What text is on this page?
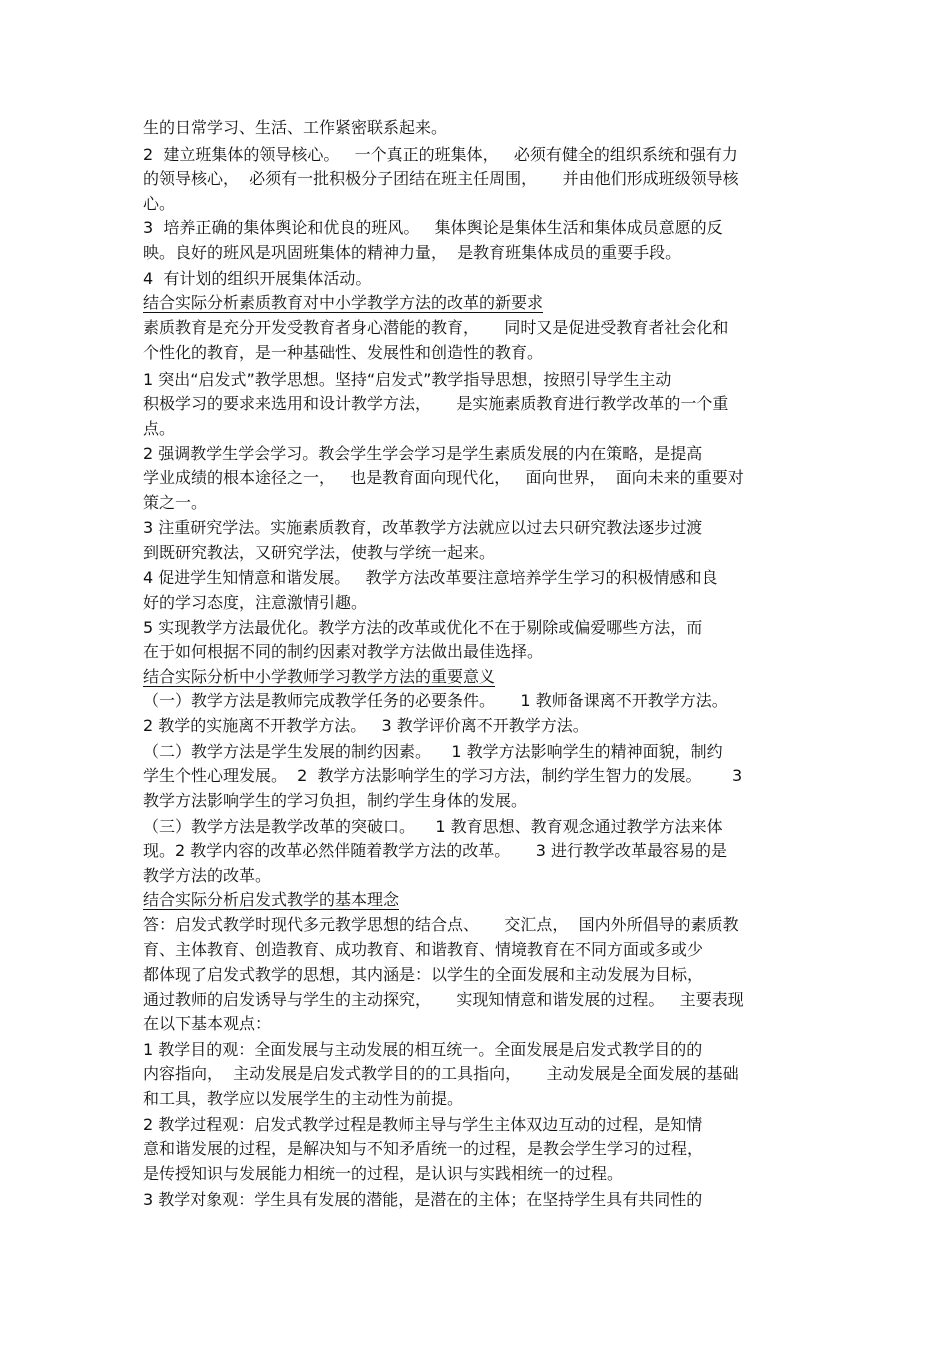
生的日常学习、生活、工作紧密联系起来。
2  建立班集体的领导核心。   一个真正的班集体，   必须有健全的组织系统和强有力
的领导核心，  必须有一批积极分子团结在班主任周围，     并由他们形成班级领导核
心。
3  培养正确的集体舆论和优良的班风。   集体舆论是集体生活和集体成员意愿的反
映。良好的班风是巩固班集体的精神力量，  是教育班集体成员的重要手段。
4  有计划的组织开展集体活动。
结合实际分析素质教育对中小学教学方法的改革的新要求
素质教育是充分开发受教育者身心潜能的教育，     同时又是促进受教育者社会化和
个性化的教育，是一种基础性、发展性和创造性的教育。
1 突出“启发式”教学思想。坚持“启发式”教学指导思想，按照引导学生主动
积极学习的要求来选用和设计教学方法，     是实施素质教育进行教学改革的一个重
点。
2 强调教学生学会学习。教会学生学会学习是学生素质发展的内在策略，是提高
学业成绩的根本途径之一，   也是教育面向现代化，   面向世界，  面向未来的重要对
策之一。
3 注重研究学法。实施素质教育，改革教学方法就应以过去只研究教法逐步过渡
到既研究教法，又研究学法，使教与学统一起来。
4 促进学生知情意和谐发展。   教学方法改革要注意培养学生学习的积极情感和良
好的学习态度，注意激情引趣。
5 实现教学方法最优化。教学方法的改革或优化不在于剔除或偏爱哪些方法，而
在于如何根据不同的制约因素对教学方法做出最佳选择。
结合实际分析中小学教师学习教学方法的重要意义
（一）教学方法是教师完成教学任务的必要条件。     1 教师备课离不开教学方法。
2 教学的实施离不开教学方法。   3 教学评价离不开教学方法。
（二）教学方法是学生发展的制约因素。    1 教学方法影响学生的精神面貌，制约
学生个性心理发展。  2  教学方法影响学生的学习方法，制约学生智力的发展。      3
教学方法影响学生的学习负担，制约学生身体的发展。
（三）教学方法是教学改革的突破口。    1 教育思想、教育观念通过教学方法来体
现。2 教学内容的改革必然伴随着教学方法的改革。     3 进行教学改革最容易的是
教学方法的改革。
结合实际分析启发式教学的基本理念
答：启发式教学时现代多元教学思想的结合点、     交汇点，  国内外所倡导的素质教
育、主体教育、创造教育、成功教育、和谐教育、情境教育在不同方面或多或少
都体现了启发式教学的思想，其内涵是：以学生的全面发展和主动发展为目标，
通过教师的启发诱导与学生的主动探究，     实现知情意和谐发展的过程。   主要表现
在以下基本观点：
1 教学目的观：全面发展与主动发展的相互统一。全面发展是启发式教学目的的
内容指向，  主动发展是启发式教学目的的工具指向，     主动发展是全面发展的基础
和工具，教学应以发展学生的主动性为前提。
2 教学过程观：启发式教学过程是教师主导与学生主体双边互动的过程，是知情
意和谐发展的过程，是解决知与不知矛盾统一的过程，是教会学生学习的过程，
是传授知识与发展能力相统一的过程，是认识与实践相统一的过程。
3 教学对象观：学生具有发展的潜能，是潜在的主体；在坚持学生具有共同性的
